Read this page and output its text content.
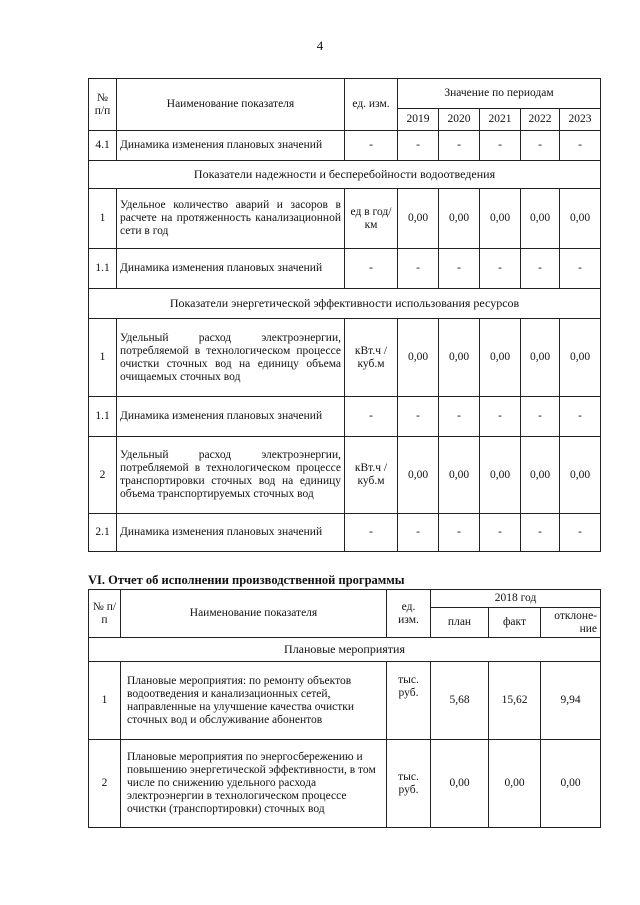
4
№ п/п	Наименование показателя	ед. изм.	Значение по периодам				
			2019	2020	2021	2022	2023
4.1	Динамика изменения плановых значений	-	-	-	-	-	-
Показатели надежности и бесперебойности водоотведения							
1	Удельное количество аварий и засоров в расчете на протяженность канализационной сети в год	ед в год/ км	0,00	0,00	0,00	0,00	0,00
1.1	Динамика изменения плановых значений	-	-	-	-	-	-
Показатели энергетической эффективности использования ресурсов							
1	Удельный расход электроэнергии, потребляемой в технологическом процессе очистки сточных вод на единицу объема очищаемых сточных вод	кВт.ч / куб.м	0,00	0,00	0,00	0,00	0,00
1.1	Динамика изменения плановых значений	-	-	-	-	-	-
2	Удельный расход электроэнергии, потребляемой в технологическом процессе транспортировки сточных вод на единицу объема транспортируемых сточных вод	кВт.ч / куб.м	0,00	0,00	0,00	0,00	0,00
2.1	Динамика изменения плановых значений	-	-	-	-	-	-
VI. Отчет об исполнении производственной программы
№ п/п	Наименование показателя	ед. изм.	2018 год		
			план	факт	отклоне-ние
Плановые мероприятия					
1	Плановые мероприятия: по ремонту объектов водоотведения и канализационных сетей, направленные на улучшение качества очистки сточных вод и обслуживание абонентов	тыс. руб.	5,68	15,62	9,94
2	Плановые мероприятия по энергосбережению и повышению энергетической эффективности, в том числе по снижению удельного расхода электроэнергии в технологическом процессе очистки (транспортировки) сточных вод	тыс. руб.	0,00	0,00	0,00
